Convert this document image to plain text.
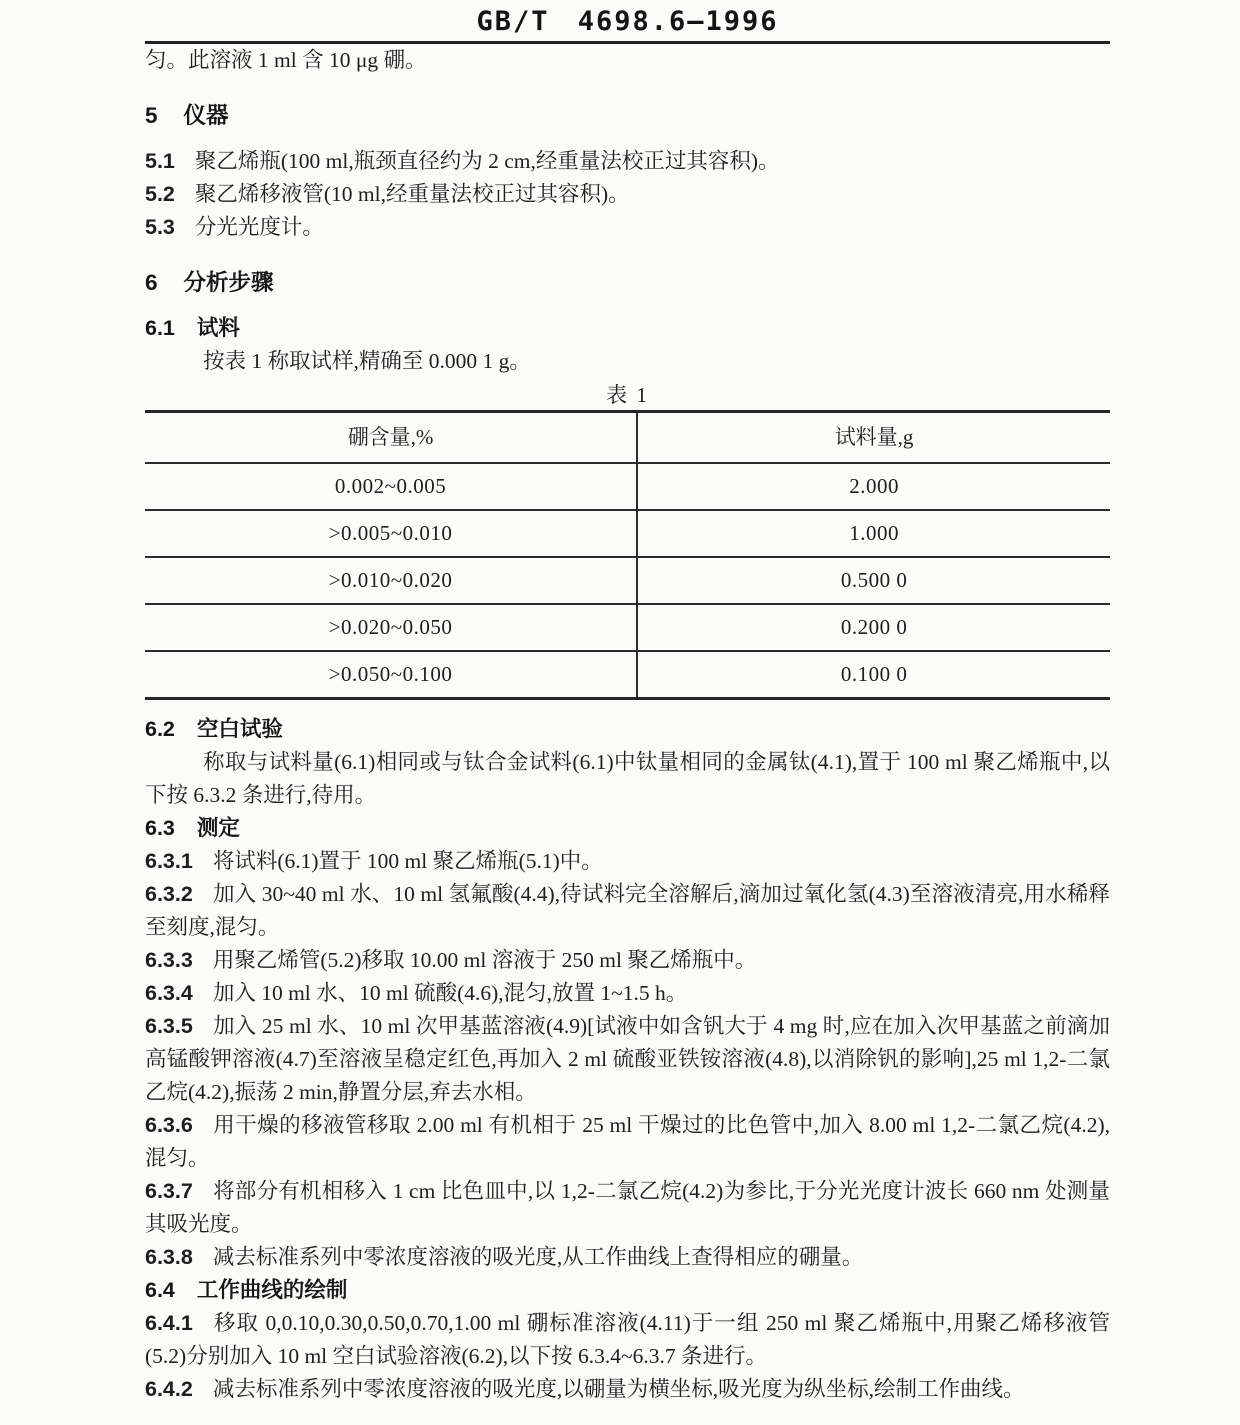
GB/T 4698.6—1996

匀。此溶液 1 ml 含 10 μg 硼。

5 仪器

5.1 聚乙烯瓶(100 ml,瓶颈直径约为 2 cm,经重量法校正过其容积)。

5.2 聚乙烯移液管(10 ml,经重量法校正过其容积)。

5.3 分光光度计。

6 分析步骤
6.1 试料

按表 1 称取试样,精确至 0.000 1 g。

表 1
硼含量,%	试料量,g
0.002~0.005	2.000
>0.005~0.010	1.000
>0.010~0.020	0.500 0
>0.020~0.050	0.200 0
>0.050~0.100	0.100 0
6.2 空白试验

称取与试料量(6.1)相同或与钛合金试料(6.1)中钛量相同的金属钛(4.1),置于 100 ml 聚乙烯瓶中,以下按 6.3.2 条进行,待用。

6.3 测定

6.3.1 将试料(6.1)置于 100 ml 聚乙烯瓶(5.1)中。

6.3.2 加入 30~40 ml 水、10 ml 氢氟酸(4.4),待试料完全溶解后,滴加过氧化氢(4.3)至溶液清亮,用水稀释至刻度,混匀。

6.3.3 用聚乙烯管(5.2)移取 10.00 ml 溶液于 250 ml 聚乙烯瓶中。

6.3.4 加入 10 ml 水、10 ml 硫酸(4.6),混匀,放置 1~1.5 h。

6.3.5 加入 25 ml 水、10 ml 次甲基蓝溶液(4.9)[试液中如含钒大于 4 mg 时,应在加入次甲基蓝之前滴加高锰酸钾溶液(4.7)至溶液呈稳定红色,再加入 2 ml 硫酸亚铁铵溶液(4.8),以消除钒的影响],25 ml 1,2-二氯乙烷(4.2),振荡 2 min,静置分层,弃去水相。

6.3.6 用干燥的移液管移取 2.00 ml 有机相于 25 ml 干燥过的比色管中,加入 8.00 ml 1,2-二氯乙烷(4.2),混匀。

6.3.7 将部分有机相移入 1 cm 比色皿中,以 1,2-二氯乙烷(4.2)为参比,于分光光度计波长 660 nm 处测量其吸光度。

6.3.8 减去标准系列中零浓度溶液的吸光度,从工作曲线上查得相应的硼量。

6.4 工作曲线的绘制

6.4.1 移取 0,0.10,0.30,0.50,0.70,1.00 ml 硼标准溶液(4.11)于一组 250 ml 聚乙烯瓶中,用聚乙烯移液管(5.2)分别加入 10 ml 空白试验溶液(6.2),以下按 6.3.4~6.3.7 条进行。

6.4.2 减去标准系列中零浓度溶液的吸光度,以硼量为横坐标,吸光度为纵坐标,绘制工作曲线。
